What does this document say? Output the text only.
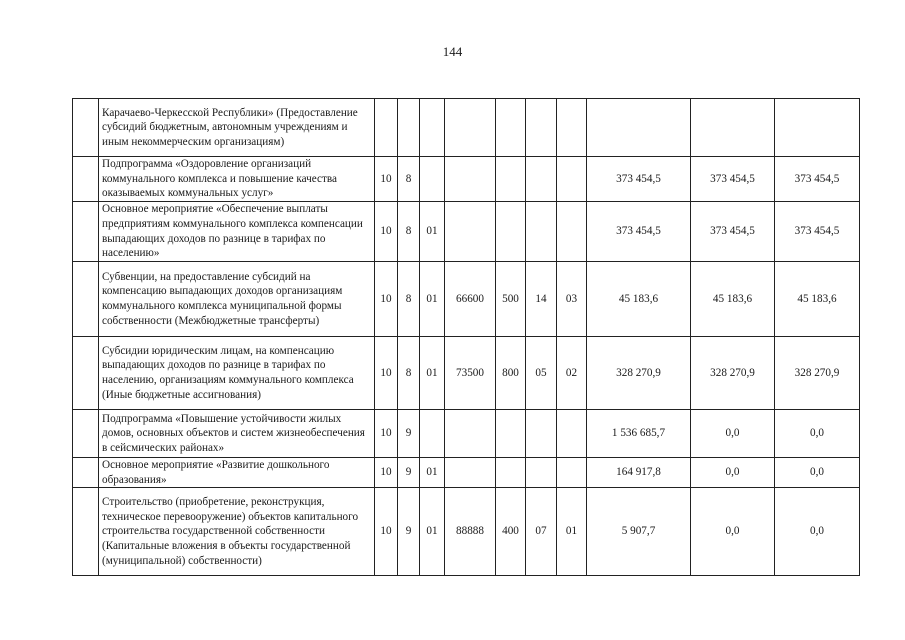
144
	Карачаево-Черкесской Республики» (Предоставление субсидий бюджетным, автономным учреждениям и иным некоммерческим организациям)										
	Подпрограмма «Оздоровление организаций коммунального комплекса и повышение качества оказываемых коммунальных услуг»	10	8						373 454,5	373 454,5	373 454,5
	Основное мероприятие «Обеспечение выплаты предприятиям коммунального комплекса компенсации выпадающих доходов по разнице в тарифах по населению»	10	8	01					373 454,5	373 454,5	373 454,5
	Субвенции, на предоставление субсидий на компенсацию выпадающих доходов организациям коммунального комплекса муниципальной формы собственности (Межбюджетные трансферты)	10	8	01	66600	500	14	03	45 183,6	45 183,6	45 183,6
	Субсидии юридическим лицам, на компенсацию выпадающих доходов по разнице в тарифах по населению, организациям коммунального комплекса (Иные бюджетные ассигнования)	10	8	01	73500	800	05	02	328 270,9	328 270,9	328 270,9
	Подпрограмма «Повышение устойчивости жилых домов, основных объектов и систем жизнеобеспечения в сейсмических районах»	10	9						1 536 685,7	0,0	0,0
	Основное мероприятие «Развитие дошкольного образования»	10	9	01					164 917,8	0,0	0,0
	Строительство (приобретение, реконструкция, техническое перевооружение) объектов капитального строительства государственной собственности (Капитальные вложения в объекты государственной (муниципальной) собственности)	10	9	01	88888	400	07	01	5 907,7	0,0	0,0
